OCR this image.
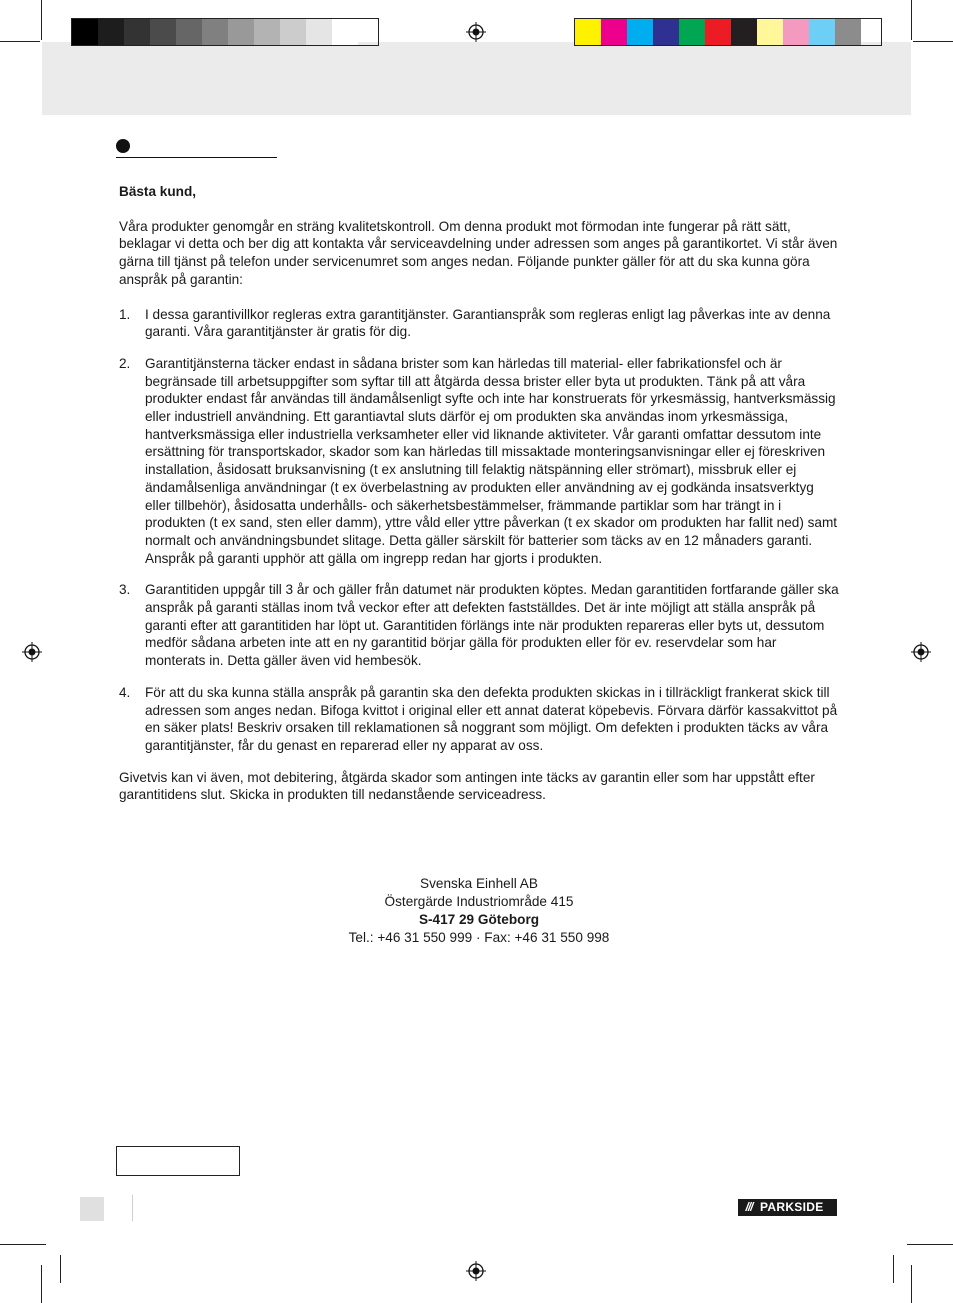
Bästa kund,

Våra produkter genomgår en sträng kvalitetskontroll. Om denna produkt mot förmodan inte fungerar på rätt sätt, beklagar vi detta och ber dig att kontakta vår serviceavdelning under adressen som anges på garantikortet. Vi står även gärna till tjänst på telefon under servicenumret som anges nedan. Följande punkter gäller för att du ska kunna göra anspråk på garantin:

1.	I dessa garantivillkor regleras extra garantitjänster. Garantianspråk som regleras enligt lag påverkas inte av denna garanti. Våra garantitjänster är gratis för dig.

2.	Garantitjänsterna täcker endast in sådana brister som kan härledas till material- eller fabrikationsfel och är begränsade till arbetsuppgifter som syftar till att åtgärda dessa brister eller byta ut produkten. Tänk på att våra produkter endast får användas till ändamålsenligt syfte och inte har konstruerats för yrkesmässig, hantverksmässig eller industriell användning. Ett garantiavtal sluts därför ej om produkten ska användas inom yrkesmässiga, hantverksmässiga eller industriella verksamheter eller vid liknande aktiviteter. Vår garanti omfattar dessutom inte ersättning för transportskador, skador som kan härledas till missaktade monteringsanvisningar eller ej föreskriven installation, åsidosatt bruksanvisning (t ex anslutning till felaktig nätspänning eller strömart), missbruk eller ej ändamålsenliga användningar (t ex överbelastning av produkten eller användning av ej godkända insatsverktyg eller tillbehör), åsidosatta underhålls- och säkerhetsbestämmelser, främmande partiklar som har trängt in i produkten (t ex sand, sten eller damm), yttre våld eller yttre påverkan (t ex skador om produkten har fallit ned) samt normalt och användningsbundet slitage. Detta gäller särskilt för batterier som täcks av en 12 månaders garanti.

Anspråk på garanti upphör att gälla om ingrepp redan har gjorts i produkten.

3.	Garantitiden uppgår till 3 år och gäller från datumet när produkten köptes. Medan garantitiden fortfarande gäller ska anspråk på garanti ställas inom två veckor efter att defekten fastställdes. Det är inte möjligt att ställa anspråk på garanti efter att garantitiden har löpt ut. Garantitiden förlängs inte när produkten repareras eller byts ut, dessutom medför sådana arbeten inte att en ny garantitid börjar gälla för produkten eller för ev. reservdelar som har monterats in. Detta gäller även vid hembesök.

4.	För att du ska kunna ställa anspråk på garantin ska den defekta produkten skickas in i tillräckligt frankerat skick till adressen som anges nedan. Bifoga kvittot i original eller ett annat daterat köpebevis. Förvara därför kassakvittot på en säker plats! Beskriv orsaken till reklamationen så noggrant som möjligt. Om defekten i produkten täcks av våra garantitjänster, får du genast en reparerad eller ny apparat av oss.

Givetvis kan vi även, mot debitering, åtgärda skador som antingen inte täcks av garantin eller som har uppstått efter garantitidens slut. Skicka in produkten till nedanstående serviceadress.

Svenska Einhell AB
Östergärde Industriområde 415
S-417 29 Göteborg
Tel.: +46 31 550 999 · Fax: +46 31 550 998
/// PARKSIDE
